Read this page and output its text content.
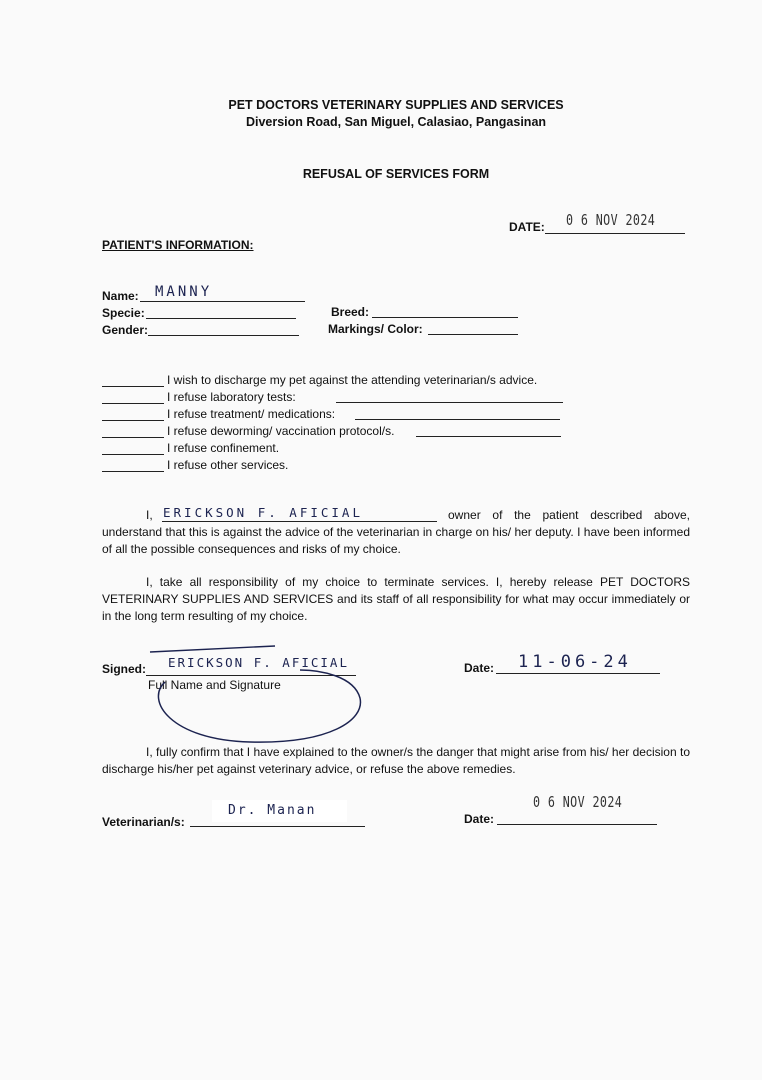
PET DOCTORS VETERINARY SUPPLIES AND SERVICES
Diversion Road, San Miguel, Calasiao, Pangasinan
REFUSAL OF SERVICES FORM
DATE: 0 6 NOV 2024
PATIENT'S INFORMATION:
Name: MANNY
Specie:	Breed:
Gender:	Markings/ Color:
I wish to discharge my pet against the attending veterinarian/s advice.
I refuse laboratory tests:
I refuse treatment/ medications:
I refuse deworming/ vaccination protocol/s.
I refuse confinement.
I refuse other services.
I, ERICKSON F. AFICIAL	owner of the patient described above,
understand that this is against the advice of the veterinarian in charge on his/ her deputy. I have been informed of all the possible consequences and risks of my choice.
I, take all responsibility of my choice to terminate services. I, hereby release PET DOCTORS VETERINARY SUPPLIES AND SERVICES and its staff of all responsibility for what may occur immediately or in the long term resulting of my choice.
Signed: ERICKSON F. AFICIAL
Full Name and Signature
Date: 11-06-24
I, fully confirm that I have explained to the owner/s the danger that might arise from his/ her decision to discharge his/her pet against veterinary advice, or refuse the above remedies.
Veterinarian/s:
Dr. Manan
Date:
0 6 NOV 2024
